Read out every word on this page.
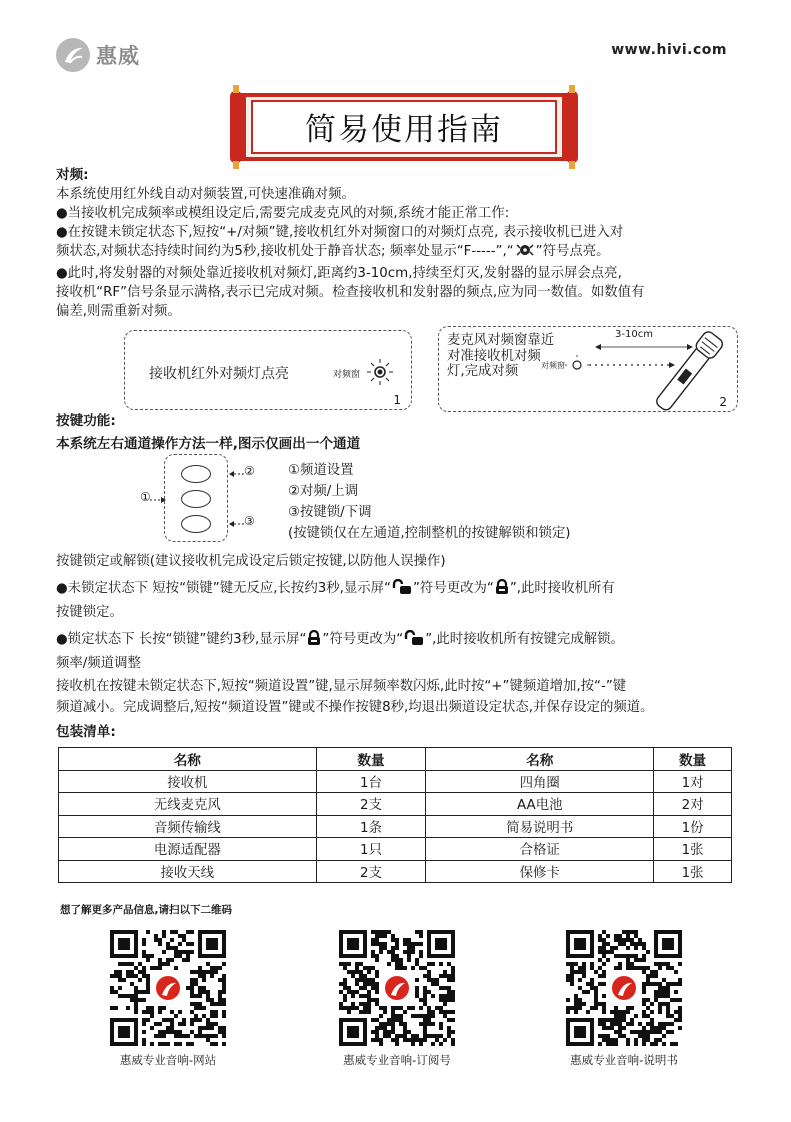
惠威	www.hivi.com
简易使用指南
对频:
本系统使用红外线自动对频装置,可快速准确对频。
●当接收机完成频率或模组设定后,需要完成麦克风的对频,系统才能正常工作:
●在按键未锁定状态下,短按“+/对频”键,接收机红外对频窗口的对频灯点亮, 表示接收机已进入对
频状态,对频状态持续时间约为5秒,接收机处于静音状态; 频率处显示“F-----”,“ ”符号点亮。
●此时,将发射器的对频处靠近接收机对频灯,距离约3-10cm,持续至灯灭,发射器的显示屏会点亮,
接收机“RF”信号条显示满格,表示已完成对频。检查接收机和发射器的频点,应为同一数值。如数值有
偏差,则需重新对频。
接收机红外对频灯点亮	对频窗
1
麦克风对频窗靠近对准接收机对频灯,完成对频	对频窗
3-10cm
2
按键功能:
本系统左右通道操作方法一样,图示仅画出一个通道
①
②
③
①频道设置
②对频/上调
③按键锁/下调
(按键锁仅在左通道,控制整机的按键解锁和锁定)
按键锁定或解锁(建议接收机完成设定后锁定按键,以防他人误操作)
●未锁定状态下 短按“锁键”键无反应,长按约3秒,显示屏“ ”符号更改为“ ”,此时接收机所有
按键锁定。
●锁定状态下 长按“锁键”键约3秒,显示屏“ ”符号更改为“ ”,此时接收机所有按键完成解锁。
频率/频道调整
接收机在按键未锁定状态下,短按“频道设置”键,显示屏频率数闪烁,此时按“+”键频道增加,按“-”键
频道减小。完成调整后,短按“频道设置”键或不操作按键8秒,均退出频道设定状态,并保存设定的频道。
包装清单:
名称	数量	名称	数量
接收机	1台	四角圈	1对
无线麦克风	2支	AA电池	2对
音频传输线	1条	简易说明书	1份
电源适配器	1只	合格证	1张
接收天线	2支	保修卡	1张
想了解更多产品信息,请扫以下二维码
惠威专业音响-网站	惠威专业音响-订阅号	惠威专业音响-说明书
